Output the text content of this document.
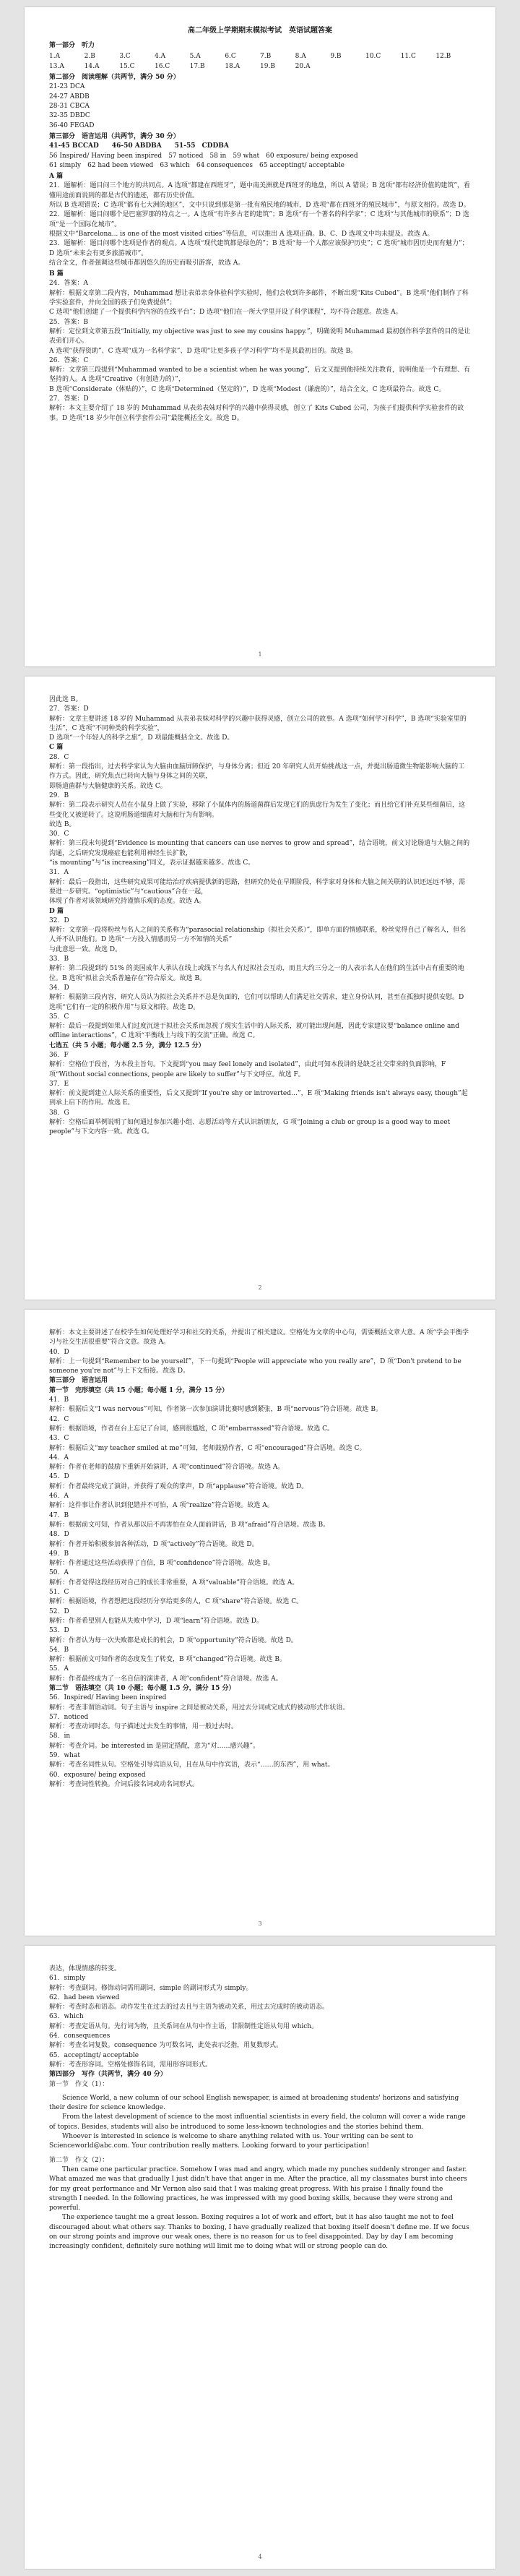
高二年级上学期期末模拟考试　英语试题答案
第一部分　听力
1.A	2.B	3.C	4.A	5.A	6.C	7.B	8.A	9.B	10.C	11.C	12.B
13.A	14.A	15.C	16.C	17.B	18.A	19.B	20.A
第二部分　阅读理解（共两节，满分 50 分）
21-23 DCA
24-27 ABDB
28-31 CBCA
32-35 DBDC
36-40 FEGAD
第三部分　语言运用（共两节，满分 30 分）
41-45 BCCAD　　46-50 ABDBA　　51-55　CDDBA
56 Inspired/ Having been inspired　57 noticed　58 in　59 what　60 exposure/ being exposed
61 simply　62 had been viewed　63 which　64 consequences　65 acceptingt/ acceptable
A 篇
21．题解析：题目问三个地方的共同点。A 选项“都建在西班牙”，题中南美洲就是西班牙的地盘，所以 A 错误；B 选项“都有经济价值的建筑”，看懂用途前面说到的都是古代的遗迹，都有历史价值。
所以 B 选项错误；C 选项“都有七大洲的地区”，文中只说到那是第一批有殖民地的城市，D 选项“都在西班牙的殖民城市”，与原文相符。故选 D。
22．题解析：题目问哪个是巴塞罗那的特点之一。A 选项“有许多古老的建筑”；B 选项“有一个著名的科学家”；C 选项“与其他城市的联系”；D 选项“是一个国际化城市”。
根据文中“Barcelona... is one of the most visited cities”等信息，可以推出 A 选项正确。B、C、D 选项文中均未提及。故选 A。
23．题解析：题目问哪个选项是作者的观点。A 选项“现代建筑都是绿色的”；B 选项“每一个人都应该保护历史”；C 选项“城市因历史而有魅力”；D 选项“未来会有更多旅游城市”。
结合全文，作者强调这些城市都因悠久的历史而吸引游客，故选 A。
B 篇
24．答案：A
解析：根据文章第二段内容，Muhammad 想让表弟亲身体验科学实验时，他们会收到许多邮件，不断出现“Kits Cubed”。B 选项“他们制作了科学实验套件，并向全国的孩子们免费提供”；
C 选项“他们创建了一个提供科学内容的在线平台”；D 选项“他们在一所大学里开设了科学课程”，均不符合题意。故选 A。
25．答案：B
解析：定位到文章第五段“Initially, my objective was just to see my cousins happy.”，明确说明 Muhammad 最初创作科学套件的目的是让表弟们开心。
A 选项“获得资助”、C 选项“成为一名科学家”、D 选项“让更多孩子学习科学”均不是其最初目的。故选 B。
26．答案：C
解析：文章第三段提到“Muhammad wanted to be a scientist when he was young”，后文又提到他持续关注教育，说明他是一个有理想、有坚持的人。A 选项“Creative（有创造力的）”，
B 选项“Considerate（体贴的）”，C 选项“Determined（坚定的）”，D 选项“Modest（谦虚的）”，结合全文，C 选项最符合。故选 C。
27．答案：D
解析：本文主要介绍了 18 岁的 Muhammad 从表弟表妹对科学的兴趣中获得灵感，创立了 Kits Cubed 公司，为孩子们提供科学实验套件的故事。D 选项“18 岁少年创立科学套件公司”最能概括全文。故选 D。
1
因此选 B。
27．答案：D
解析：文章主要讲述 18 岁的 Muhammad 从表弟表妹对科学的兴趣中获得灵感，创立公司的故事。A 选项“如何学习科学”，B 选项“实验室里的生活”，C 选项“不同种类的科学实验”，
D 选项“一个年轻人的科学之旅”，D 项最能概括全文。故选 D。
C 篇
28．C
解析：第一段指出，过去科学家认为大脑由血脑屏障保护，与身体分离；但近 20 年研究人员开始挑战这一点，并提出肠道微生物能影响大脑的工作方式。因此，研究焦点已转向大脑与身体之间的关联，
即肠道菌群与大脑健康的关系。故选 C。
29．B
解析：第二段表示研究人员在小鼠身上做了实验，移除了小鼠体内的肠道菌群后发现它们的焦虑行为发生了变化；而且给它们补充某些细菌后，这些变化又被逆转了。这说明肠道细菌对大脑和行为有影响。
故选 B。
30．C
解析：第三段末句提到“Evidence is mounting that cancers can use nerves to grow and spread”，结合语境，前文讨论肠道与大脑之间的沟通，之后研究发现癌症也能利用神经生长扩散，
“is mounting”与“is increasing”同义，表示证据越来越多。故选 C。
31．A
解析：最后一段指出，这些研究成果可能给治疗疾病提供新的思路，但研究仍处在早期阶段，科学家对身体和大脑之间关联的认识还远远不够，需要进一步研究。“optimistic”与“cautious”合在一起，
体现了作者对该领域研究持谨慎乐观的态度。故选 A。
D 篇
32．D
解析：文章第一段将粉丝与名人之间的关系称为“parasocial relationship（拟社会关系）”，即单方面的情感联系，粉丝觉得自己了解名人，但名人并不认识他们。D 选项“一方投入情感而另一方不知情的关系”
与此意思一致。故选 D。
33．B
解析：第二段提到约 51% 的美国成年人承认在线上或线下与名人有过拟社会互动，而且大约三分之一的人表示名人在他们的生活中占有重要的地位。B 选项“拟社会关系普遍存在”符合原文。故选 B。
34．D
解析：根据第三段内容，研究人员认为拟社会关系并不总是负面的，它们可以帮助人们满足社交需求，建立身份认同，甚至在孤独时提供安慰。D 选项“它们有一定的积极作用”与原文相符。故选 D。
35．C
解析：最后一段提到如果人们过度沉迷于拟社会关系而忽视了现实生活中的人际关系，就可能出现问题，因此专家建议要“balance online and offline interactions”，C 选项“平衡线上与线下的交流”正确。故选 C。
七选五（共 5 小题；每小题 2.5 分，满分 12.5 分）
36．F
解析：空格位于段首，为本段主旨句。下文提到“you may feel lonely and isolated”，由此可知本段讲的是缺乏社交带来的负面影响，F 项“Without social connections, people are likely to suffer”与下文呼应。故选 F。
37．E
解析：前文提到建立人际关系的重要性，后文又提到“If you're shy or introverted…”，E 项“Making friends isn't always easy, though”起到承上启下的作用。故选 E。
38．G
解析：空格后面举例说明了如何通过参加兴趣小组、志愿活动等方式认识新朋友，G 项“Joining a club or group is a good way to meet people”与下文内容一致。故选 G。
2
解析：本文主要讲述了在校学生如何处理好学习和社交的关系，并提出了相关建议。空格处为文章的中心句，需要概括文章大意。A 项“学会平衡学习与社交生活很重要”符合文意。故选 A。
40．D
解析：上一句提到“Remember to be yourself”，下一句提到“People will appreciate who you really are”，D 项“Don't pretend to be someone you're not”与上下文衔接。故选 D。
第三部分　语言运用
第一节　完形填空（共 15 小题；每小题 1 分，满分 15 分）
41．B
解析：根据后文“I was nervous”可知，作者第一次参加演讲比赛时感到紧张，B 项“nervous”符合语境。故选 B。
42．C
解析：根据语境，作者在台上忘记了台词，感到很尴尬，C 项“embarrassed”符合语境。故选 C。
43．C
解析：根据后文“my teacher smiled at me”可知，老师鼓励作者，C 项“encouraged”符合语境。故选 C。
44．A
解析：作者在老师的鼓励下重新开始演讲，A 项“continued”符合语境。故选 A。
45．D
解析：作者最终完成了演讲，并获得了观众的掌声，D 项“applause”符合语境。故选 D。
46．A
解析：这件事让作者认识到犯错并不可怕，A 项“realize”符合语境。故选 A。
47．B
解析：根据前文可知，作者从那以后不再害怕在众人面前讲话，B 项“afraid”符合语境。故选 B。
48．D
解析：作者开始积极参加各种活动，D 项“actively”符合语境。故选 D。
49．B
解析：作者通过这些活动获得了自信，B 项“confidence”符合语境。故选 B。
50．A
解析：作者觉得这段经历对自己的成长非常重要，A 项“valuable”符合语境。故选 A。
51．C
解析：根据语境，作者想把这段经历分享给更多的人，C 项“share”符合语境。故选 C。
52．D
解析：作者希望别人也能从失败中学习，D 项“learn”符合语境。故选 D。
53．D
解析：作者认为每一次失败都是成长的机会，D 项“opportunity”符合语境。故选 D。
54．B
解析：根据前文可知作者的态度发生了转变，B 项“changed”符合语境。故选 B。
55．A
解析：作者最终成为了一名自信的演讲者，A 项“confident”符合语境。故选 A。
第二节　语法填空（共 10 小题；每小题 1.5 分，满分 15 分）
56．Inspired/ Having been inspired
解析：考查非谓语动词。句子主语与 inspire 之间是被动关系，用过去分词或完成式的被动形式作状语。
57．noticed
解析：考查动词时态。句子描述过去发生的事情，用一般过去时。
58．in
解析：考查介词。be interested in 是固定搭配，意为“对……感兴趣”。
59．what
解析：考查名词性从句。空格处引导宾语从句，且在从句中作宾语，表示“……的东西”，用 what。
60．exposure/ being exposed
解析：考查词性转换。介词后接名词或动名词形式。
3
表达，体现情感的转变。
61．simply
解析：考查副词。修饰动词需用副词，simple 的副词形式为 simply。
62．had been viewed
解析：考查时态和语态。动作发生在过去的过去且与主语为被动关系，用过去完成时的被动语态。
63．which
解析：考查定语从句。先行词为物，且关系词在从句中作主语，非限制性定语从句用 which。
64．consequences
解析：考查名词复数。consequence 为可数名词，此处表示泛指，用复数形式。
65．acceptingt/ acceptable
解析：考查形容词。空格处修饰名词，需用形容词形式。
第四部分　写作（共两节，满分 40 分）
第一节　作文（1）：

Science World, a new column of our school English newspaper, is aimed at broadening students' horizons and satisfying their desire for science knowledge.

From the latest development of science to the most influential scientists in every field, the column will cover a wide range of topics. Besides, students will also be introduced to some less-known technologies and the stories behind them.

Whoever is interested in science is welcome to share anything related with us. Your writing can be sent to Scienceworld@abc.com. Your contribution really matters. Looking forward to your participation!

第二节　作文（2）：

Then came one particular practice. Somehow I was mad and angry, which made my punches suddenly stronger and faster. What amazed me was that gradually I just didn't have that anger in me. After the practice, all my classmates burst into cheers for my great performance and Mr Vernon also said that I was making great progress. With his praise I finally found the strength I needed. In the following practices, he was impressed with my good boxing skills, because they were strong and powerful.

The experience taught me a great lesson. Boxing requires a lot of work and effort, but it has also taught me not to feel discouraged about what others say. Thanks to boxing, I have gradually realized that boxing itself doesn't define me. If we focus on our strong points and improve our weak ones, there is no reason for us to feel disappointed. Day by day I am becoming increasingly confident, definitely sure nothing will limit me to doing what will or strong people can do.

4
